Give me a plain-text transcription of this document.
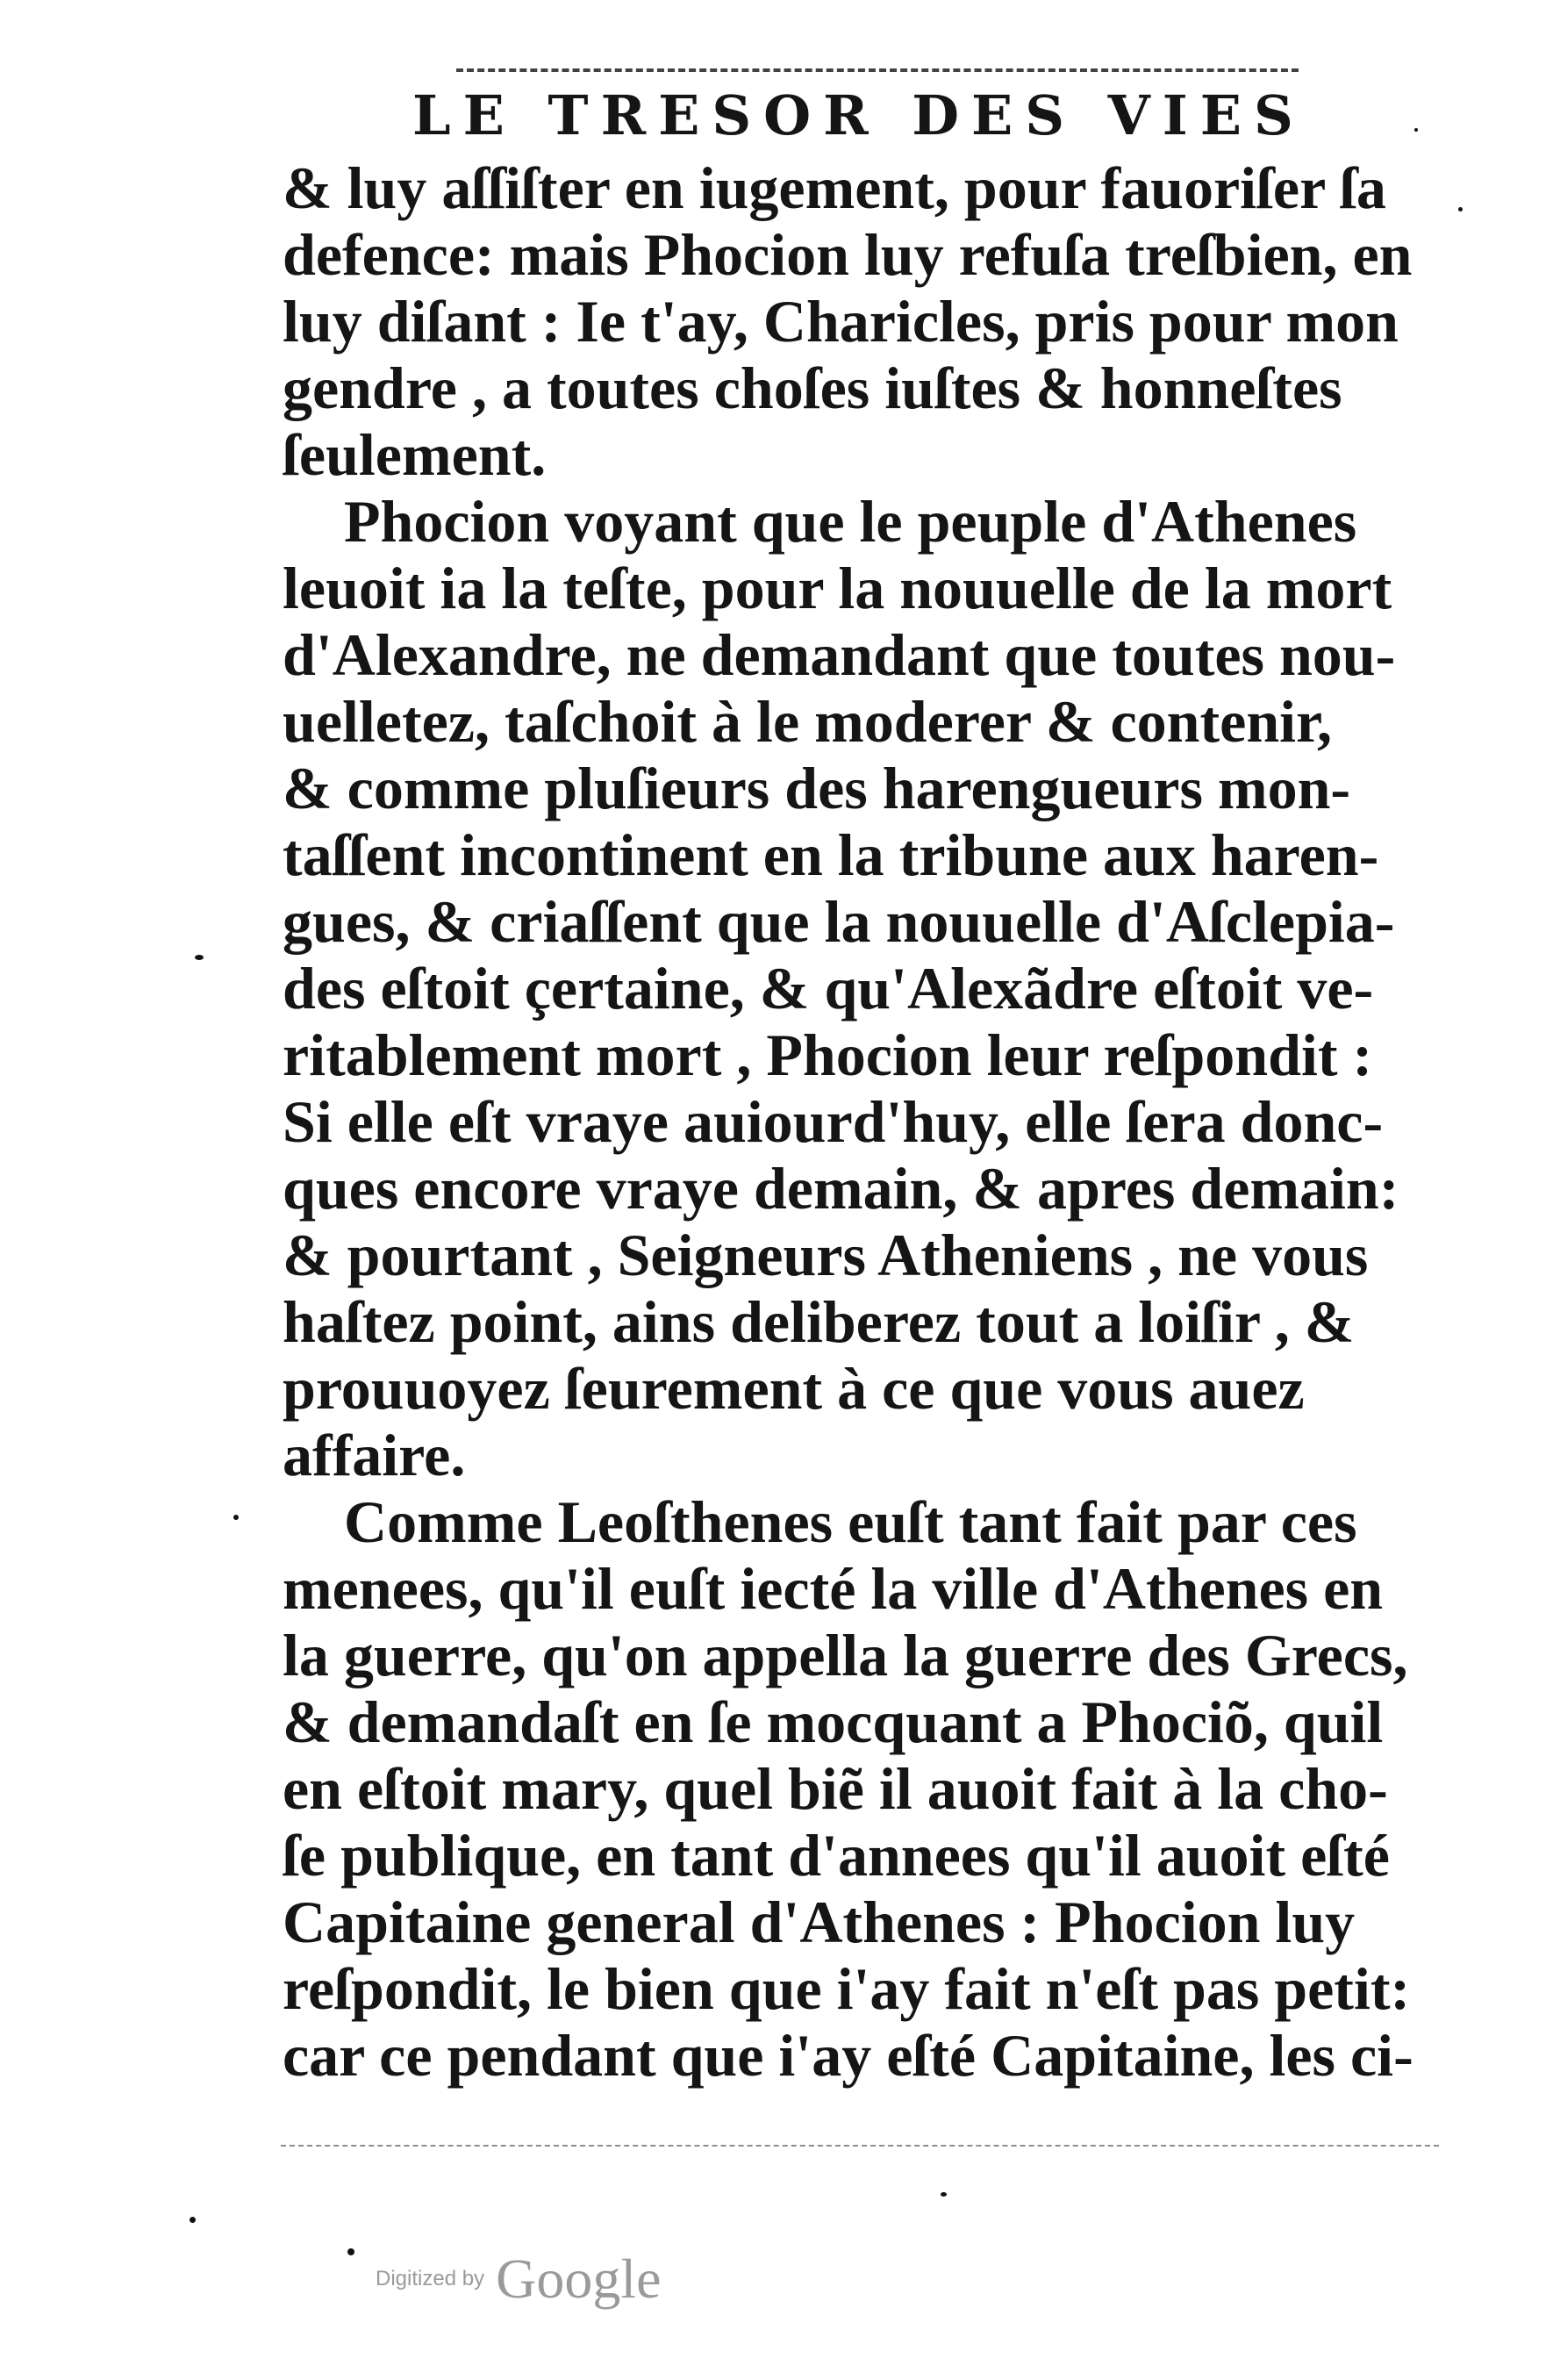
LE TRESOR DES VIES
& luy aſſiſter en iugement, pour fauoriſer ſa
defence: mais Phocion luy refuſa treſbien, en
luy diſant : Ie t'ay, Charicles, pris pour mon
gendre , a toutes choſes iuſtes & honneſtes
ſeulement.
Phocion voyant que le peuple d'Athenes
leuoit ia la teſte, pour la nouuelle de la mort
d'Alexandre, ne demandant que toutes nou-
uelletez, taſchoit à le moderer & contenir,
& comme pluſieurs des harengueurs mon-
taſſent incontinent en la tribune aux haren-
gues, & criaſſent que la nouuelle d'Aſclepia-
des eſtoit çertaine, & qu'Alexãdre eſtoit ve-
ritablement mort , Phocion leur reſpondit :
Si elle eſt vraye auiourd'huy, elle ſera donc-
ques encore vraye demain, & apres demain:
& pourtant , Seigneurs Atheniens , ne vous
haſtez point, ains deliberez tout a loiſir , &
prouuoyez ſeurement à ce que vous auez
affaire.
Comme Leoſthenes euſt tant fait par ces
menees, qu'il euſt iecté la ville d'Athenes en
la guerre, qu'on appella la guerre des Grecs,
& demandaſt en ſe mocquant a Phociõ, quil
en eſtoit mary, quel biẽ il auoit fait à la cho-
ſe publique, en tant d'annees qu'il auoit eſté
Capitaine general d'Athenes : Phocion luy
reſpondit, le bien que i'ay fait n'eſt pas petit:
car ce pendant que i'ay eſté Capitaine, les ci-
Digitized by Google
